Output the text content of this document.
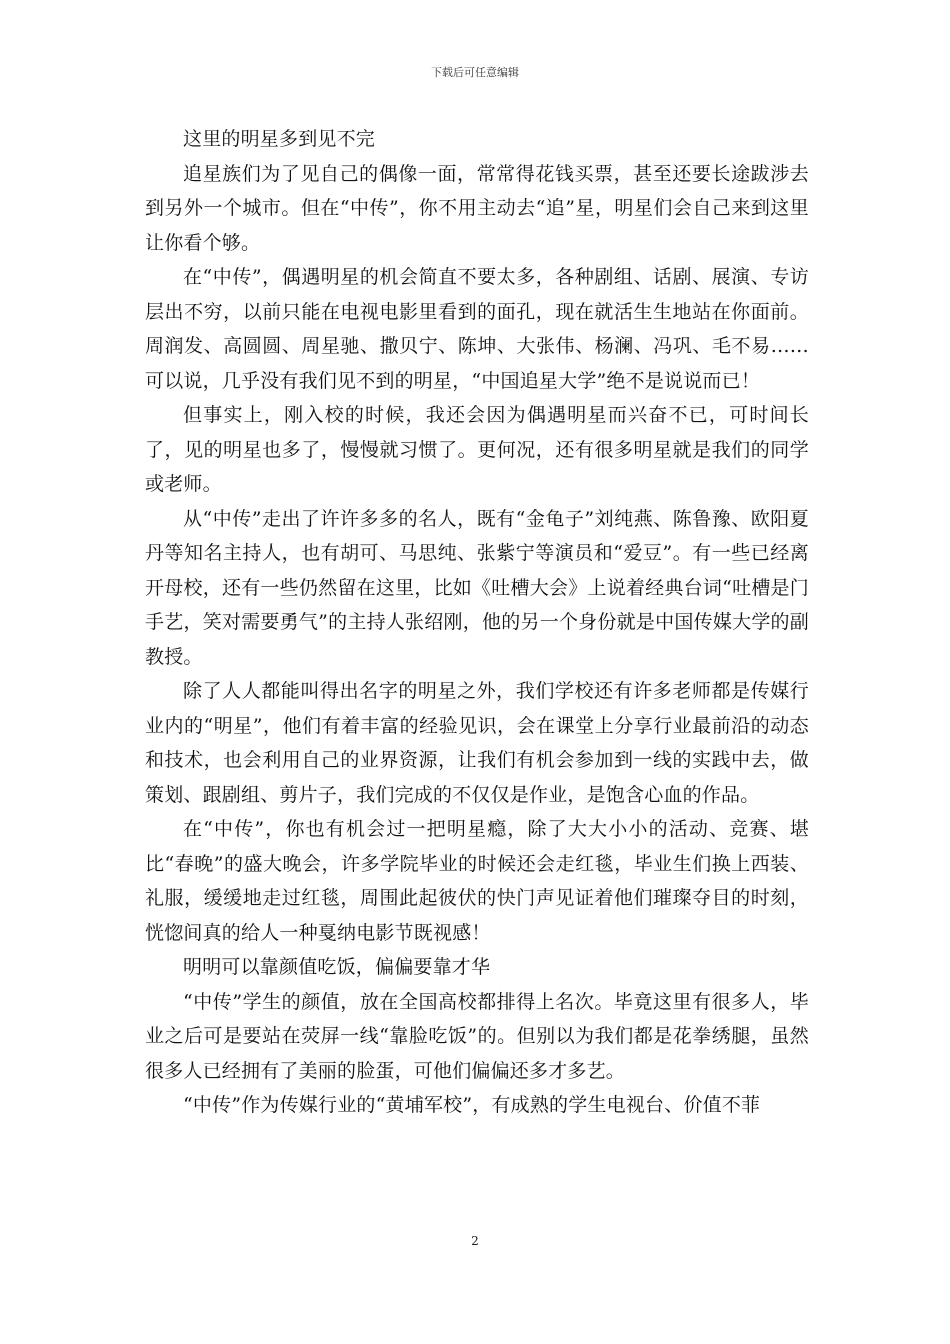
下载后可任意编辑

这里的明星多到见不完

追星族们为了见自己的偶像一面，常常得花钱买票，甚至还要长途跋涉去到另外一个城市。但在“中传”，你不用主动去“追”星，明星们会自己来到这里让你看个够。

在“中传”，偶遇明星的机会简直不要太多，各种剧组、话剧、展演、专访层出不穷，以前只能在电视电影里看到的面孔，现在就活生生地站在你面前。周润发、高圆圆、周星驰、撒贝宁、陈坤、大张伟、杨澜、冯巩、毛不易……可以说，几乎没有我们见不到的明星，“中国追星大学”绝不是说说而已！

但事实上，刚入校的时候，我还会因为偶遇明星而兴奋不已，可时间长了，见的明星也多了，慢慢就习惯了。更何况，还有很多明星就是我们的同学或老师。

从“中传”走出了许许多多的名人，既有“金龟子”刘纯燕、陈鲁豫、欧阳夏丹等知名主持人，也有胡可、马思纯、张紫宁等演员和“爱豆”。有一些已经离开母校，还有一些仍然留在这里，比如《吐槽大会》上说着经典台词“吐槽是门手艺，笑对需要勇气”的主持人张绍刚，他的另一个身份就是中国传媒大学的副教授。

除了人人都能叫得出名字的明星之外，我们学校还有许多老师都是传媒行业内的“明星”，他们有着丰富的经验见识，会在课堂上分享行业最前沿的动态和技术，也会利用自己的业界资源，让我们有机会参加到一线的实践中去，做策划、跟剧组、剪片子，我们完成的不仅仅是作业，是饱含心血的作品。

在“中传”，你也有机会过一把明星瘾，除了大大小小的活动、竞赛、堪比“春晚”的盛大晚会，许多学院毕业的时候还会走红毯，毕业生们换上西装、礼服，缓缓地走过红毯，周围此起彼伏的快门声见证着他们璀璨夺目的时刻，恍惚间真的给人一种戛纳电影节既视感！

明明可以靠颜值吃饭，偏偏要靠才华

“中传”学生的颜值，放在全国高校都排得上名次。毕竟这里有很多人，毕业之后可是要站在荧屏一线“靠脸吃饭”的。但别以为我们都是花拳绣腿，虽然很多人已经拥有了美丽的脸蛋，可他们偏偏还多才多艺。

“中传”作为传媒行业的“黄埔军校”，有成熟的学生电视台、价值不菲

2
